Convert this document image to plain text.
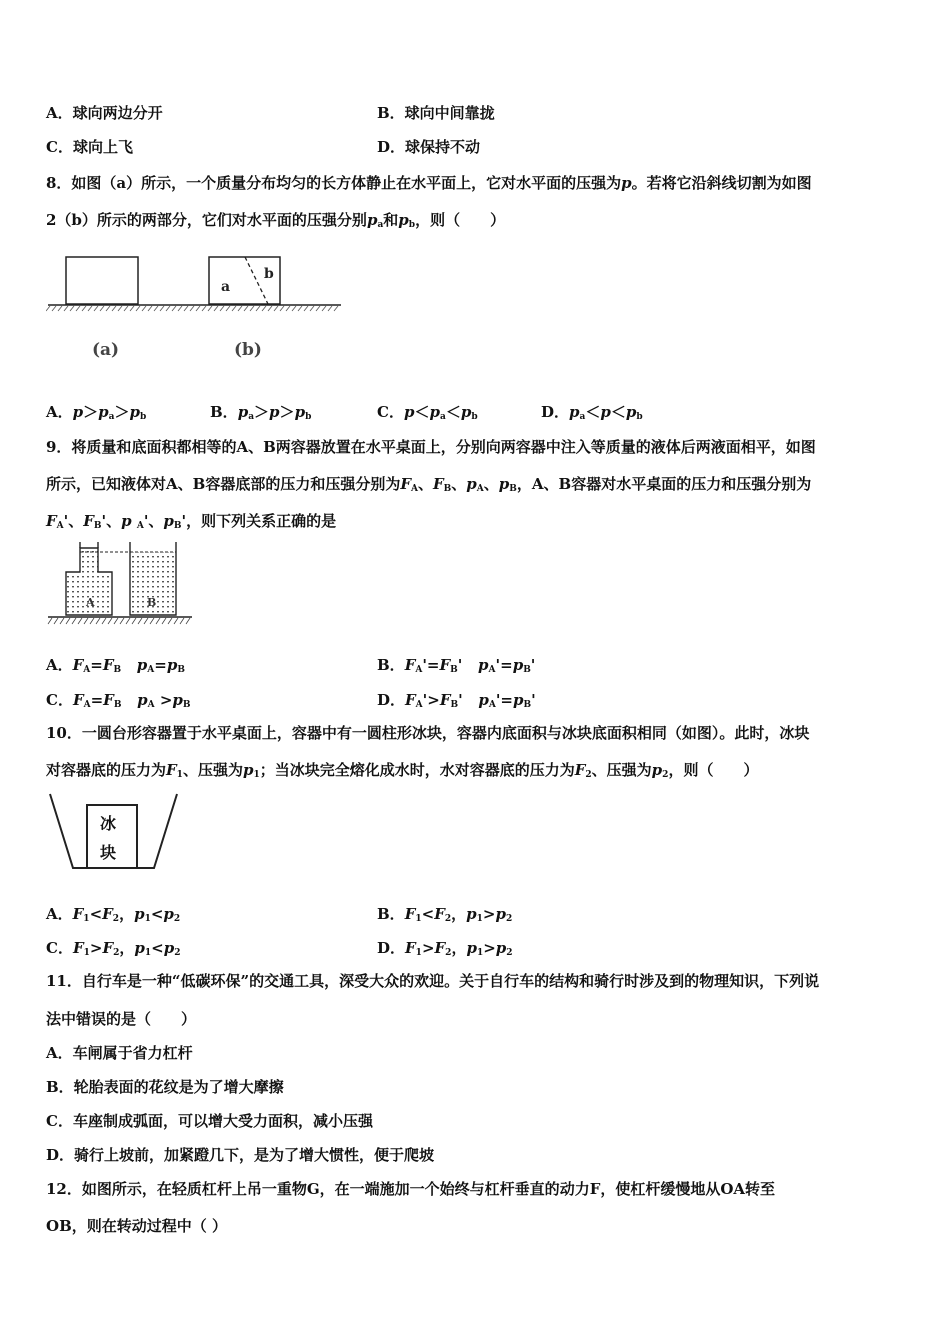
A．球向两边分开	B．球向中间靠拢
C．球向上飞	D．球保持不动
8．如图（a）所示，一个质量分布均匀的长方体静止在水平面上，它对水平面的压强为p。若将它沿斜线切割为如图
2（b）所示的两部分，它们对水平面的压强分别$p_a$和$p_b$，则（　　）
a
b
(a)	(b)
A．$p>p_a>p_b$	B．$p_a>p>p_b$	C．$p<p_a<p_b$	D．$p_a<p<p_b$
9．将质量和底面积都相等的A、B两容器放置在水平桌面上，分别向两容器中注入等质量的液体后两液面相平，如图
所示，已知液体对A、B容器底部的压力和压强分别为$F_A$、$F_B$、$p_A$、$p_B$，A、B容器对水平桌面的压力和压强分别为
$F_A'$、$F_B'$、p $_A$'、$p_B'$，则下列关系正确的是
A	B
A．$F_A=F_B$ $p_A=p_B$	B．$F_A'=F_B'$   $p_A'=p_B'$
C．$F_A=F_B$ $p_A >p_B$	D．$F_A'>F_B'$   $p_A'=p_B'$
10．一圆台形容器置于水平桌面上，容器中有一圆柱形冰块，容器内底面积与冰块底面积相同（如图）。此时，冰块
对容器底的压力为$F_1$、压强为$p_1$；当冰块完全熔化成水时，水对容器底的压力为$F_2$、压强为$p_2$，则（　　）
冰
块
A．$F_1<F_2$，$p_1<p_2$	B．$F_1<F_2$，$p_1>p_2$
C．$F_1>F_2$，$p_1<p_2$	D．$F_1>F_2$，$p_1>p_2$
11．自行车是一种“低碳环保”的交通工具，深受大众的欢迎。关于自行车的结构和骑行时涉及到的物理知识，下列说
法中错误的是（　　）
A．车闸属于省力杠杆
B．轮胎表面的花纹是为了增大摩擦
C．车座制成弧面，可以增大受力面积，减小压强
D．骑行上坡前，加紧蹬几下，是为了增大惯性，便于爬坡
12．如图所示，在轻质杠杆上吊一重物G，在一端施加一个始终与杠杆垂直的动力F，使杠杆缓慢地从OA转至
OB，则在转动过程中（ ）
